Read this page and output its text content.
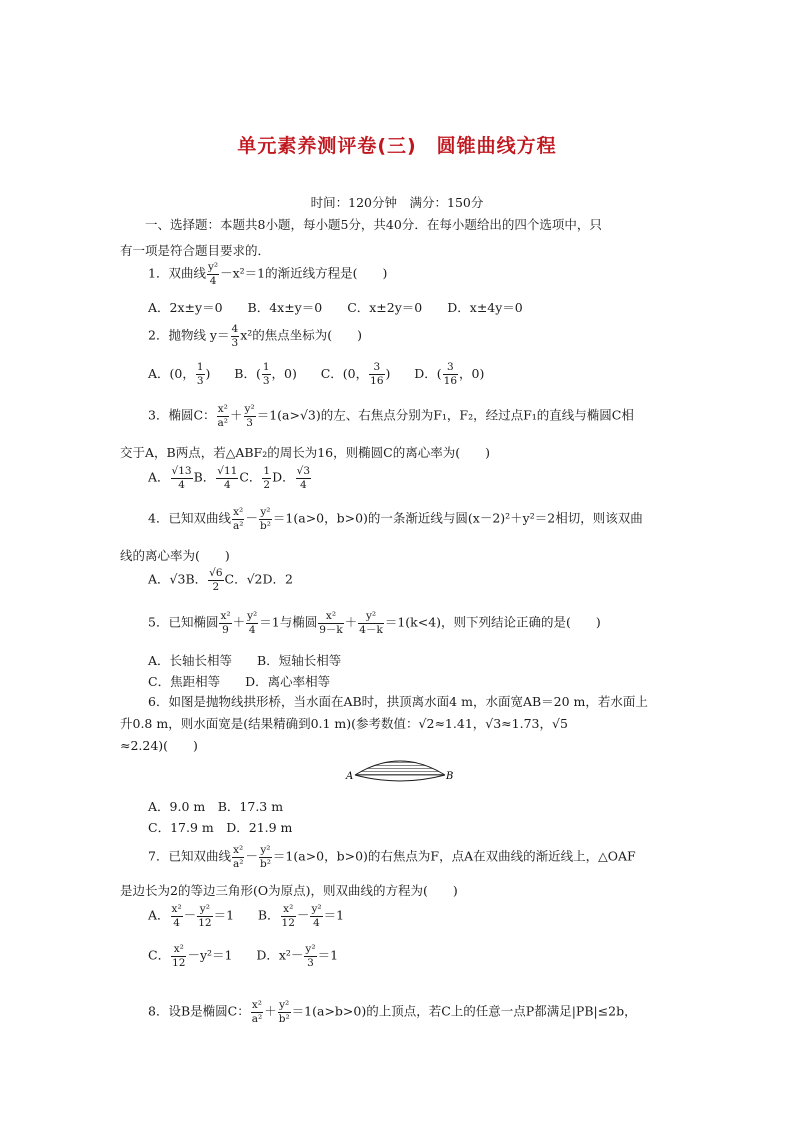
单元素养测评卷(三)　圆锥曲线方程
时间：120分钟　满分：150分
　　一、选择题：本题共8小题，每小题5分，共40分．在每小题给出的四个选项中，只
有一项是符合题目要求的．
1．双曲线 $\frac{\text{y²}}{4} -x^2=1$的渐近线方程是(　　)
A．2x±y＝0　　B．4x±y＝0　　C．x±2y＝0　　D．x±4y＝0
2．抛物线 $y= \frac{4}{3} x^2$的焦点坐标为(　　)
A．(0， $\frac{1}{3}$ ) B．( $\frac{1}{3}$ ，0) C．(0， $\frac{3}{16}$ ) D．( $\frac{3}{16}$ ，0)
3．椭圆C： $\frac{\text{x²}}{\text{a²}} + \frac{\text{y²}}{3} =1(a>√3)$的左、右焦点分别为F₁，F₂，经过点F₁的直线与椭圆C相
交于A，B两点，若△ABF₂的周长为16，则椭圆C的离心率为(　　)
A． $\frac{√13}{4}$ B． $\frac{√11}{4}$ C． $\frac{1}{2}$ D． $\frac{√3}{4}$
4．已知双曲线 $\frac{\text{x²}}{\text{a²}} - \frac{\text{y²}}{\text{b²}} =1(a>0$，b>0)的一条渐近线与圆(x－2)²＋y²＝2相切，则该双曲
线的离心率为(　　)
A．√3B． $\frac{√6}{2}$ C．√2D．2
5．已知椭圆 $\frac{\text{x²}}{9} + \frac{\text{y²}}{4} =1$与椭圆 $\frac{\text{x²}}{9-k} + \frac{\text{y²}}{4-k} =1(k<4)$，则下列结论正确的是(　　)
A．长轴长相等　　B．短轴长相等
C．焦距相等　　D．离心率相等
6．如图是抛物线拱形桥，当水面在AB时，拱顶离水面4 m，水面宽AB＝20 m，若水面上
升0.8 m，则水面宽是(结果精确到0.1 m)(参考数值：√2≈1.41，√3≈1.73，√5
≈2.24)(　　)
A	B
A．9.0 m　B．17.3 m
C．17.9 m　D．21.9 m
7．已知双曲线 $\frac{\text{x²}}{\text{a²}} - \frac{\text{y²}}{\text{b²}} =1(a>0$，b>0)的右焦点为F，点A在双曲线的渐近线上，△OAF
是边长为2的等边三角形(O为原点)，则双曲线的方程为(　　)
A． $\frac{\text{x²}}{4} - \frac{\text{y²}}{12} =1$ B． $\frac{\text{x²}}{12} - \frac{\text{y²}}{4} =1$
C． $\frac{\text{x²}}{12} -y^2=1$ D．$x^2- \frac{\text{y²}}{3} =1$
8．设B是椭圆C： $\frac{\text{x²}}{\text{a²}} + \frac{\text{y²}}{\text{b²}} =1(a>b>0)$的上顶点，若C上的任意一点P都满足|PB|≤2b，
